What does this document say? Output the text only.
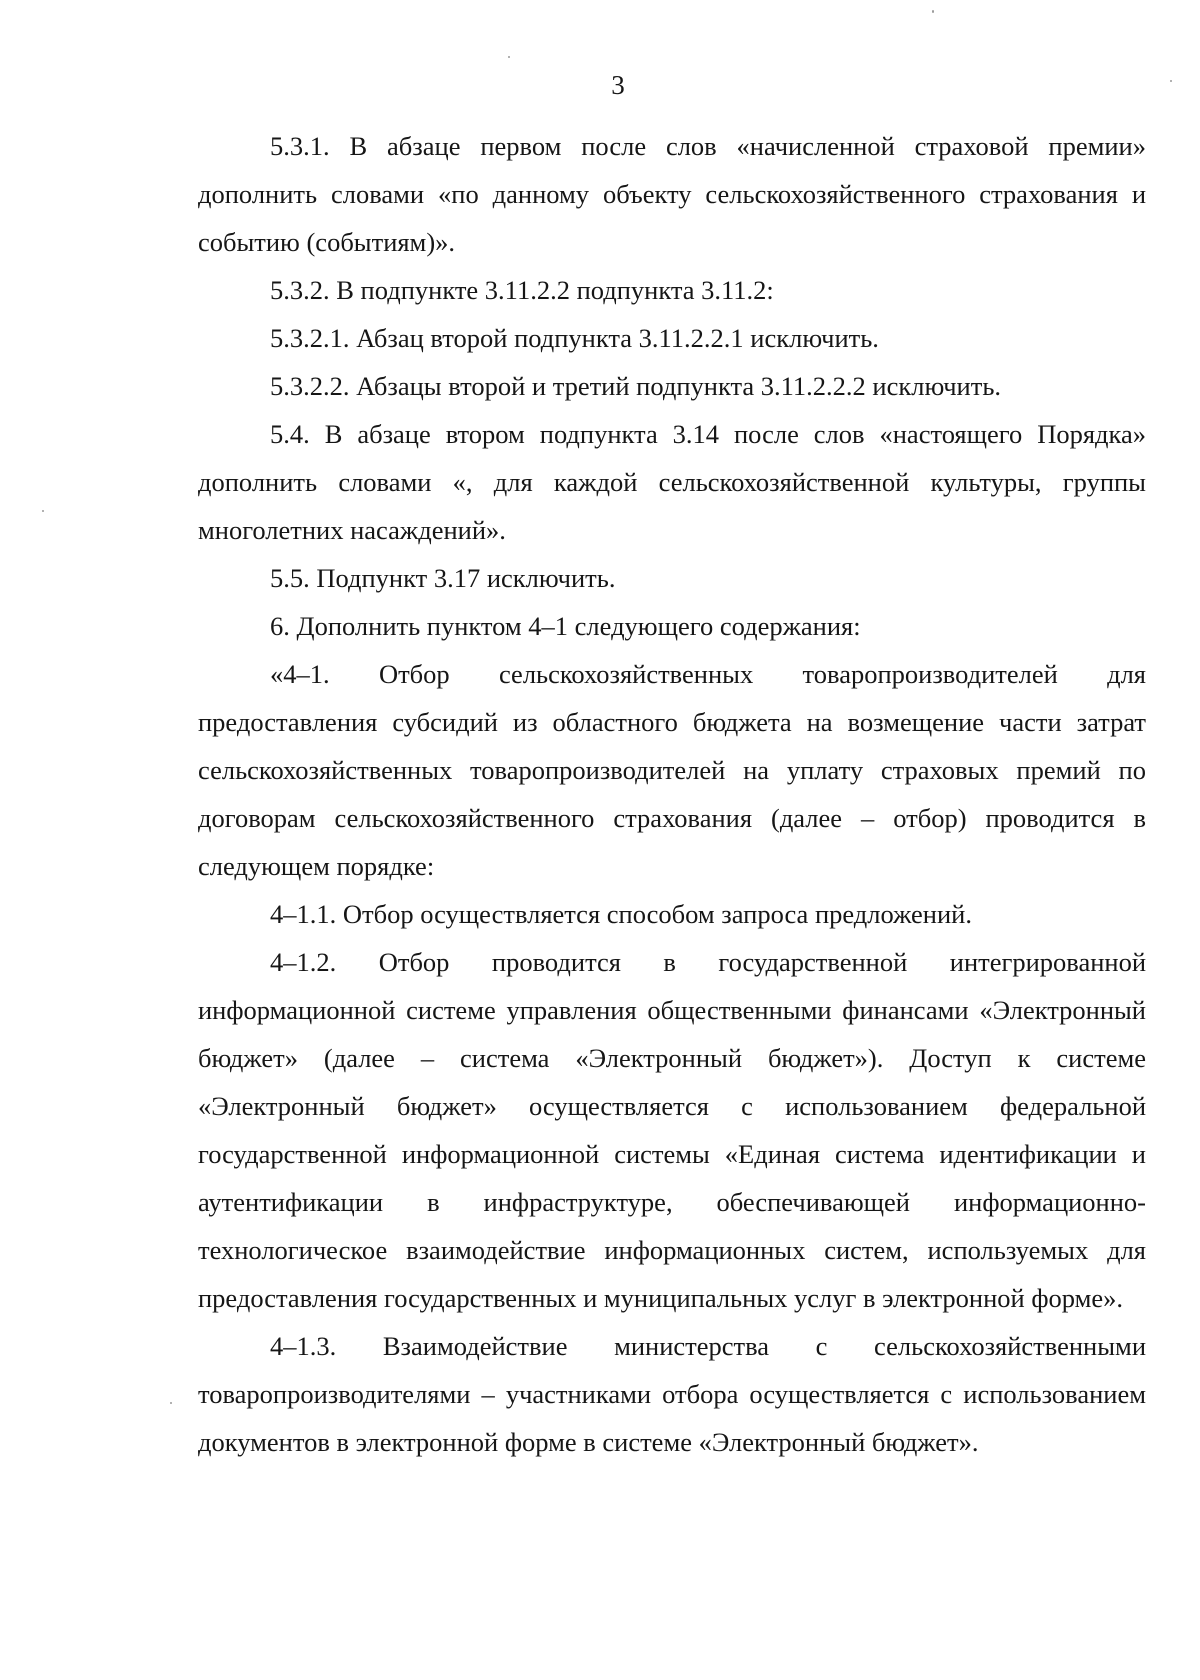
3

5.3.1. В абзаце первом после слов «начисленной страховой премии» дополнить словами «по данному объекту сельскохозяйственного страхования и событию (событиям)».

5.3.2. В подпункте 3.11.2.2 подпункта 3.11.2:

5.3.2.1. Абзац второй подпункта 3.11.2.2.1 исключить.

5.3.2.2. Абзацы второй и третий подпункта 3.11.2.2.2 исключить.

5.4. В абзаце втором подпункта 3.14 после слов «настоящего Порядка» дополнить словами «, для каждой сельскохозяйственной культуры, группы многолетних насаждений».

5.5. Подпункт 3.17 исключить.

6. Дополнить пунктом 4–1 следующего содержания:

«4–1. Отбор сельскохозяйственных товаропроизводителей для предоставления субсидий из областного бюджета на возмещение части затрат сельскохозяйственных товаропроизводителей на уплату страховых премий по договорам сельскохозяйственного страхования (далее – отбор) проводится в следующем порядке:

4–1.1. Отбор осуществляется способом запроса предложений.

4–1.2. Отбор проводится в государственной интегрированной информационной системе управления общественными финансами «Электронный бюджет» (далее – система «Электронный бюджет»). Доступ к системе «Электронный бюджет» осуществляется с использованием федеральной государственной информационной системы «Единая система идентификации и аутентификации в инфраструктуре, обеспечивающей информационно-технологическое взаимодействие информационных систем, используемых для предоставления государственных и муниципальных услуг в электронной форме».

4–1.3. Взаимодействие министерства с сельскохозяйственными товаропроизводителями – участниками отбора осуществляется с использованием документов в электронной форме в системе «Электронный бюджет».
